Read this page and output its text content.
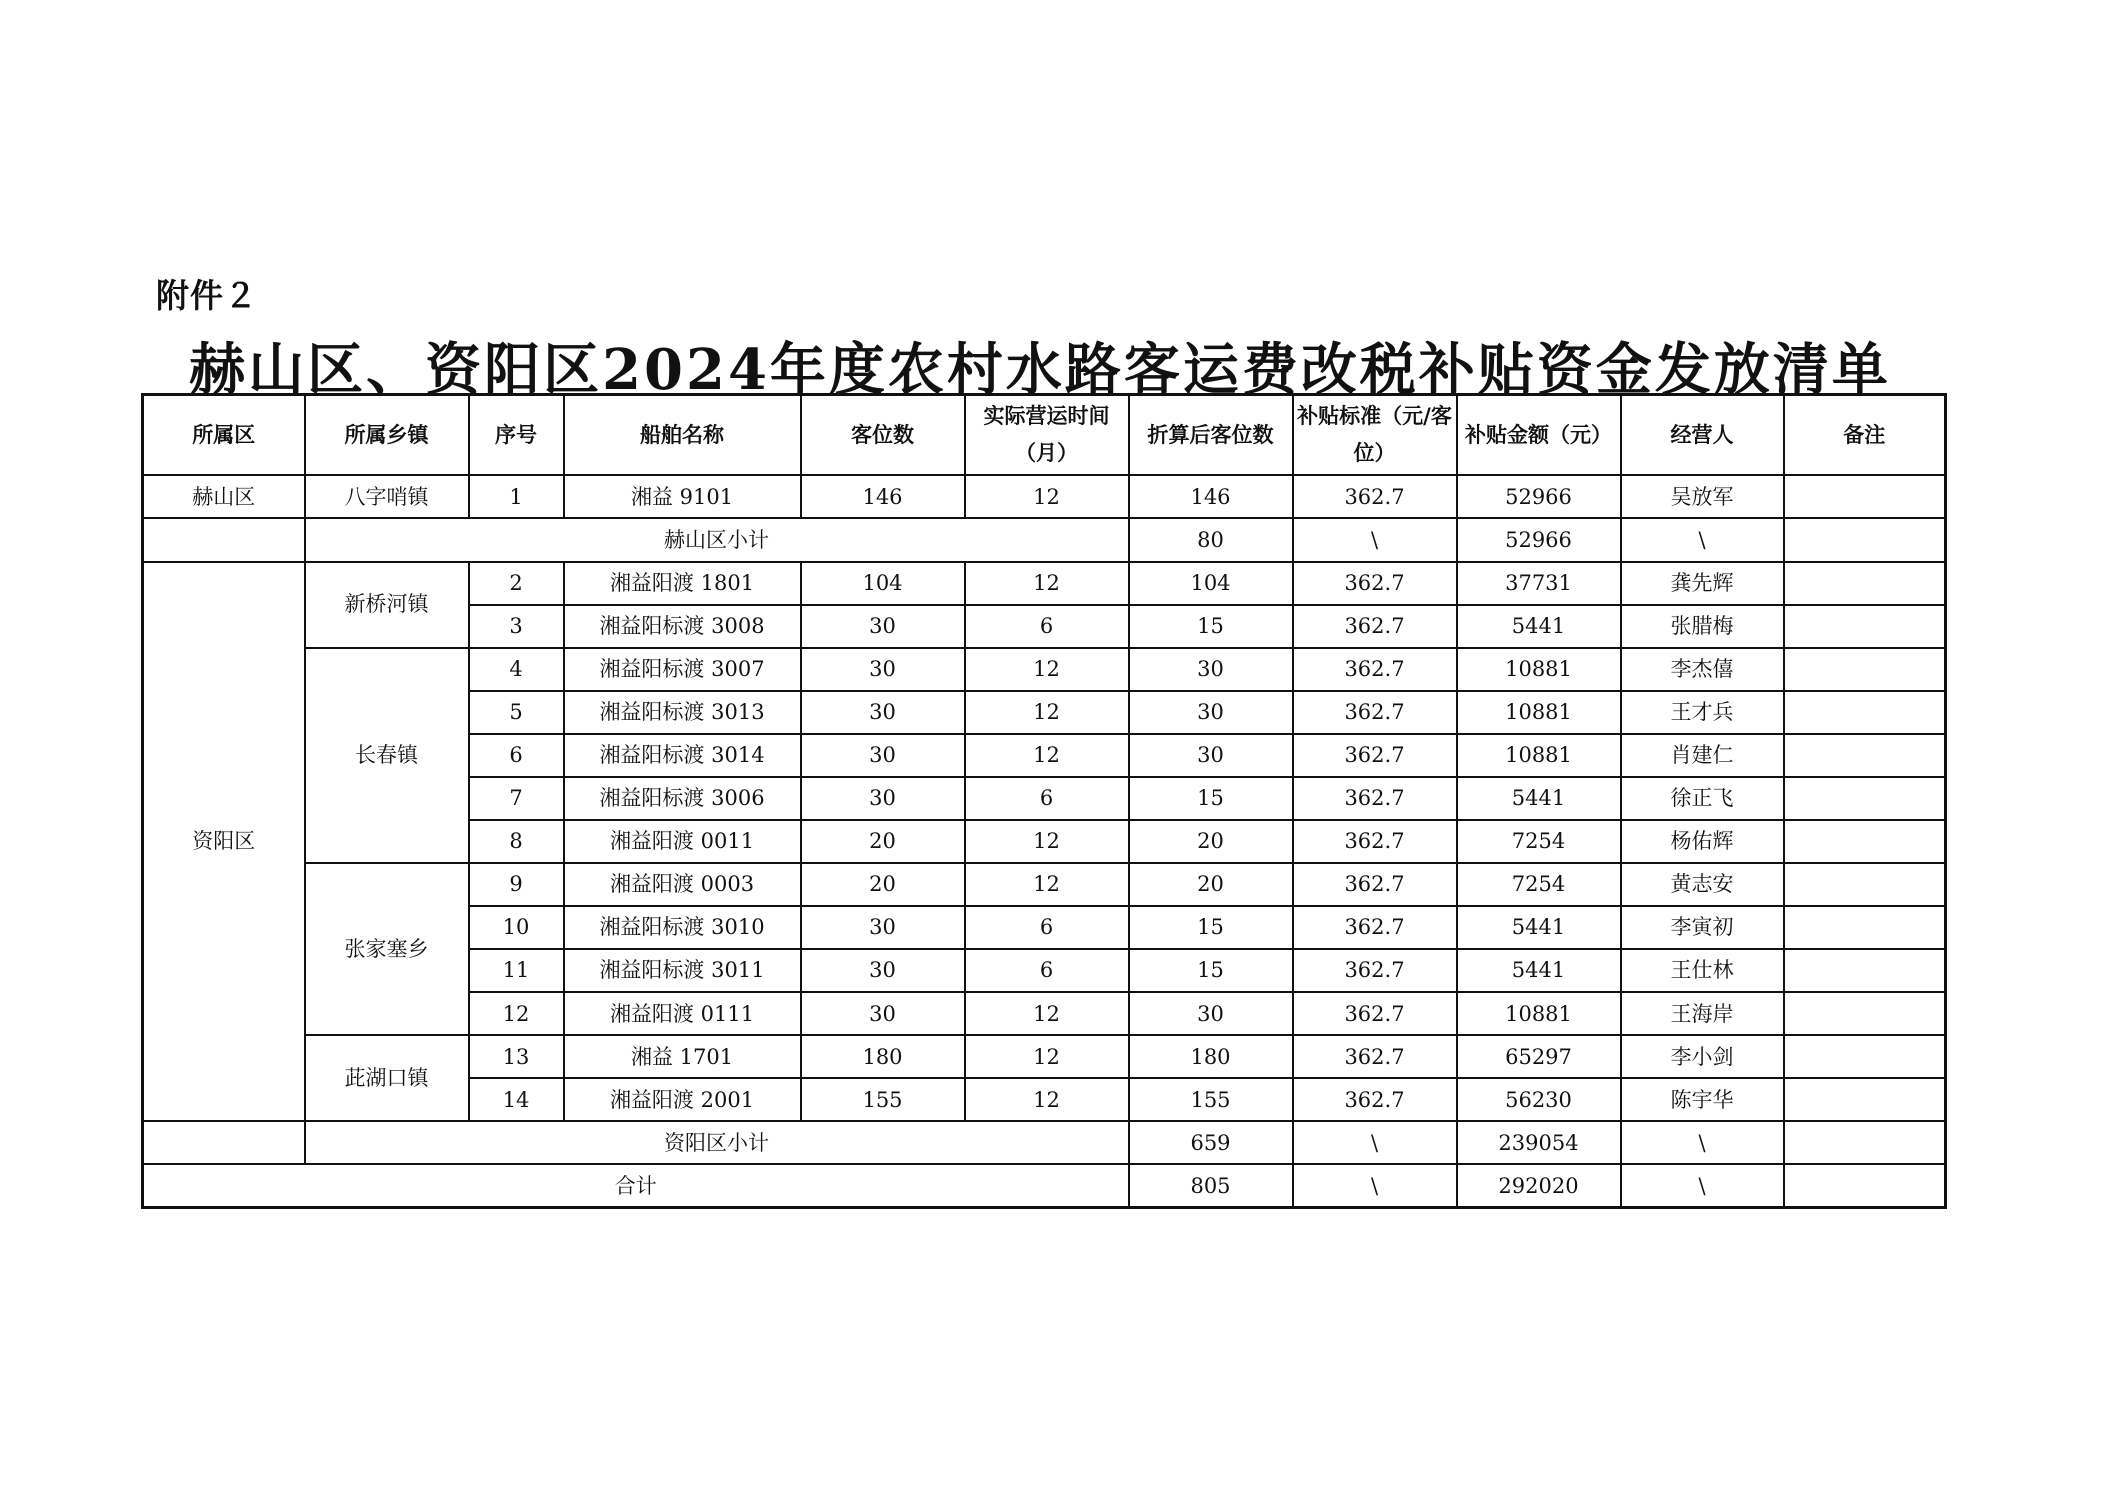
附件２
赫山区、资阳区2024年度农村水路客运费改税补贴资金发放清单
所属区	所属乡镇	序号	船舶名称	客位数	实际营运时间（月）	折算后客位数	补贴标准（元/客位）	补贴金额（元）	经营人	备注
赫山区	八字哨镇	1	湘益 9101	146	12	146	362.7	52966	吴放军	
	赫山区小计					80	\	52966	\	
资阳区	新桥河镇	2	湘益阳渡 1801	104	12	104	362.7	37731	龚先辉	
		3	湘益阳标渡 3008	30	6	15	362.7	5441	张腊梅	
	长春镇	4	湘益阳标渡 3007	30	12	30	362.7	10881	李杰僖	
		5	湘益阳标渡 3013	30	12	30	362.7	10881	王才兵	
		6	湘益阳标渡 3014	30	12	30	362.7	10881	肖建仁	
		7	湘益阳标渡 3006	30	6	15	362.7	5441	徐正飞	
		8	湘益阳渡 0011	20	12	20	362.7	7254	杨佑辉	
	张家塞乡	9	湘益阳渡 0003	20	12	20	362.7	7254	黄志安	
		10	湘益阳标渡 3010	30	6	15	362.7	5441	李寅初	
		11	湘益阳标渡 3011	30	6	15	362.7	5441	王仕林	
		12	湘益阳渡 0111	30	12	30	362.7	10881	王海岸	
	茈湖口镇	13	湘益 1701	180	12	180	362.7	65297	李小剑	
		14	湘益阳渡 2001	155	12	155	362.7	56230	陈宇华	
	资阳区小计					659	\	239054	\	
合计						805	\	292020	\	
